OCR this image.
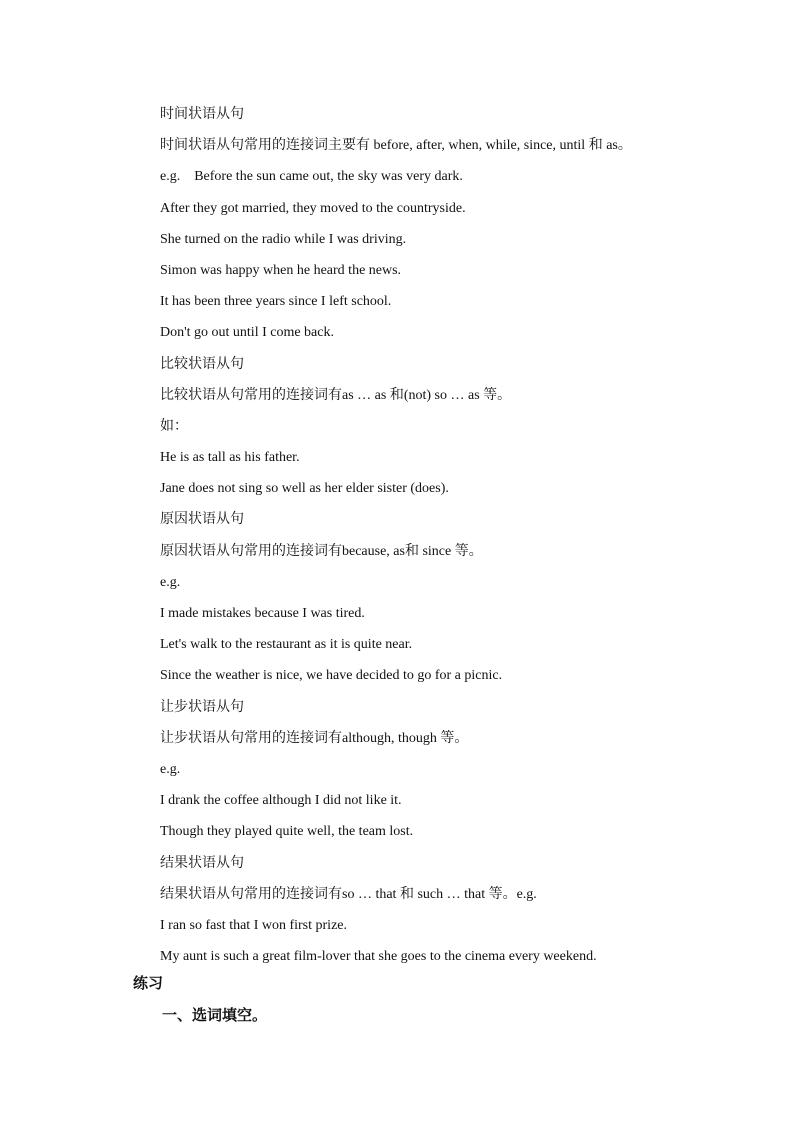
时间状语从句
时间状语从句常用的连接词主要有 before, after, when, while, since, until 和 as。
e.g.    Before the sun came out, the sky was very dark.
After they got married, they moved to the countryside.
She turned on the radio while I was driving.
Simon was happy when he heard the news.
It has been three years since I left school.
Don't go out until I come back.
比较状语从句
比较状语从句常用的连接词有as … as 和(not) so … as 等。
如：
He is as tall as his father.
Jane does not sing so well as her elder sister (does).
原因状语从句
原因状语从句常用的连接词有because, as和 since 等。
e.g.
I made mistakes because I was tired.
Let's walk to the restaurant as it is quite near.
Since the weather is nice, we have decided to go for a picnic.
让步状语从句
让步状语从句常用的连接词有although, though 等。
e.g.
I drank the coffee although I did not like it.
Though they played quite well, the team lost.
结果状语从句
结果状语从句常用的连接词有so … that 和 such … that 等。e.g.
I ran so fast that I won first prize.
My aunt is such a great film-lover that she goes to the cinema every weekend.
练习
一、选词填空。
